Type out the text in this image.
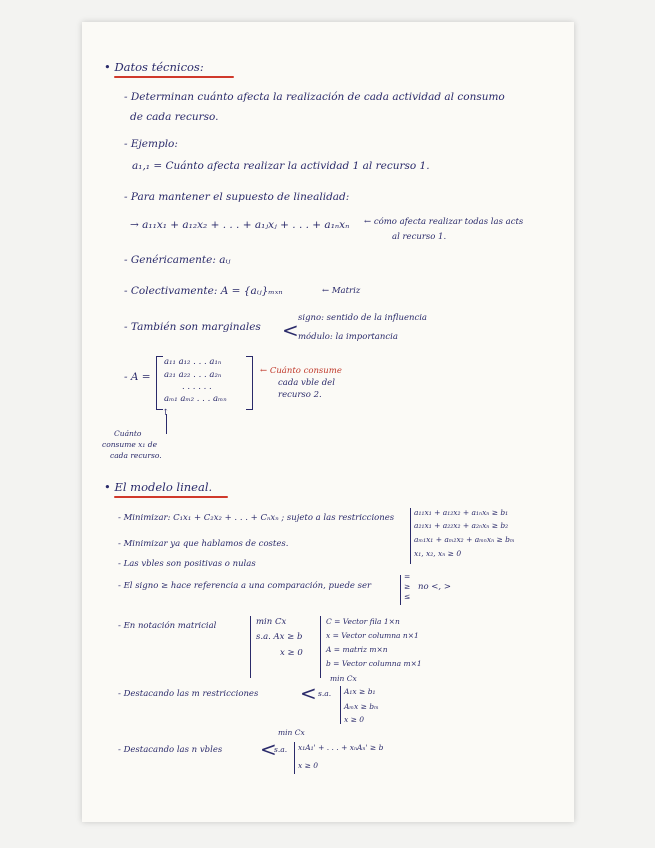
• Datos técnicos:
- Determinan cuánto afecta la realización de cada actividad al consumo
de cada recurso.
- Ejemplo:
a₁,₁ = Cuánto afecta realizar la actividad 1 al recurso 1.
- Para mantener el supuesto de linealidad:
→ a₁₁x₁ + a₁₂x₂ + . . . + a₁ⱼxⱼ + . . . + a₁ₙxₙ ← cómo afecta realizar todas las acts
al recurso 1.
- Genéricamente: aᵢⱼ
- Colectivamente: A = {aᵢⱼ}ₘₓₙ	← Matriz
- También son marginales < signo: sentido de la influencia
módulo: la importancia
- A =
a₁₁ a₁₂ . . . a₁ₙ
a₂₁ a₂₂ . . . a₂ₙ
. . . . . .
aₘ₁ aₘ₂ . . . aₘₙ
← Cuánto consume
cada vble del
recurso 2.
↑
Cuánto
consume x₁ de
cada recurso.
• El modelo lineal.
- Minimizar: C₁x₁ + C₂x₂ + . . . + Cₙxₙ ; sujeto a las restricciones
a₁₁x₁ + a₁₂x₂ + a₁ₙxₙ ≥ b₁
a₂₁x₁ + a₂₂x₂ + a₂ₙxₙ ≥ b₂
aₘ₁x₁ + aₘ₂x₂ + aₘₙxₙ ≥ bₘ
x₁, x₂, xₙ ≥ 0
- Minimizar ya que hablamos de costes.
- Las vbles son positivas o nulas
- El signo ≥ hace referencia a una comparación, puede ser
=
≥
≤
no <, >
- En notación matricial	min Cx
s.a. Ax ≥ b
x ≥ 0
C = Vector fila 1×n
x = Vector columna n×1
A = matriz m×n
b = Vector columna m×1
- Destacando las m restricciones <
min Cx
s.a. A₁x ≥ b₁
Aₘx ≥ bₘ
x ≥ 0
- Destacando las n vbles <
min Cx
s.a. x₁A₁' + . . . + xₙAₙ' ≥ b
x ≥ 0
